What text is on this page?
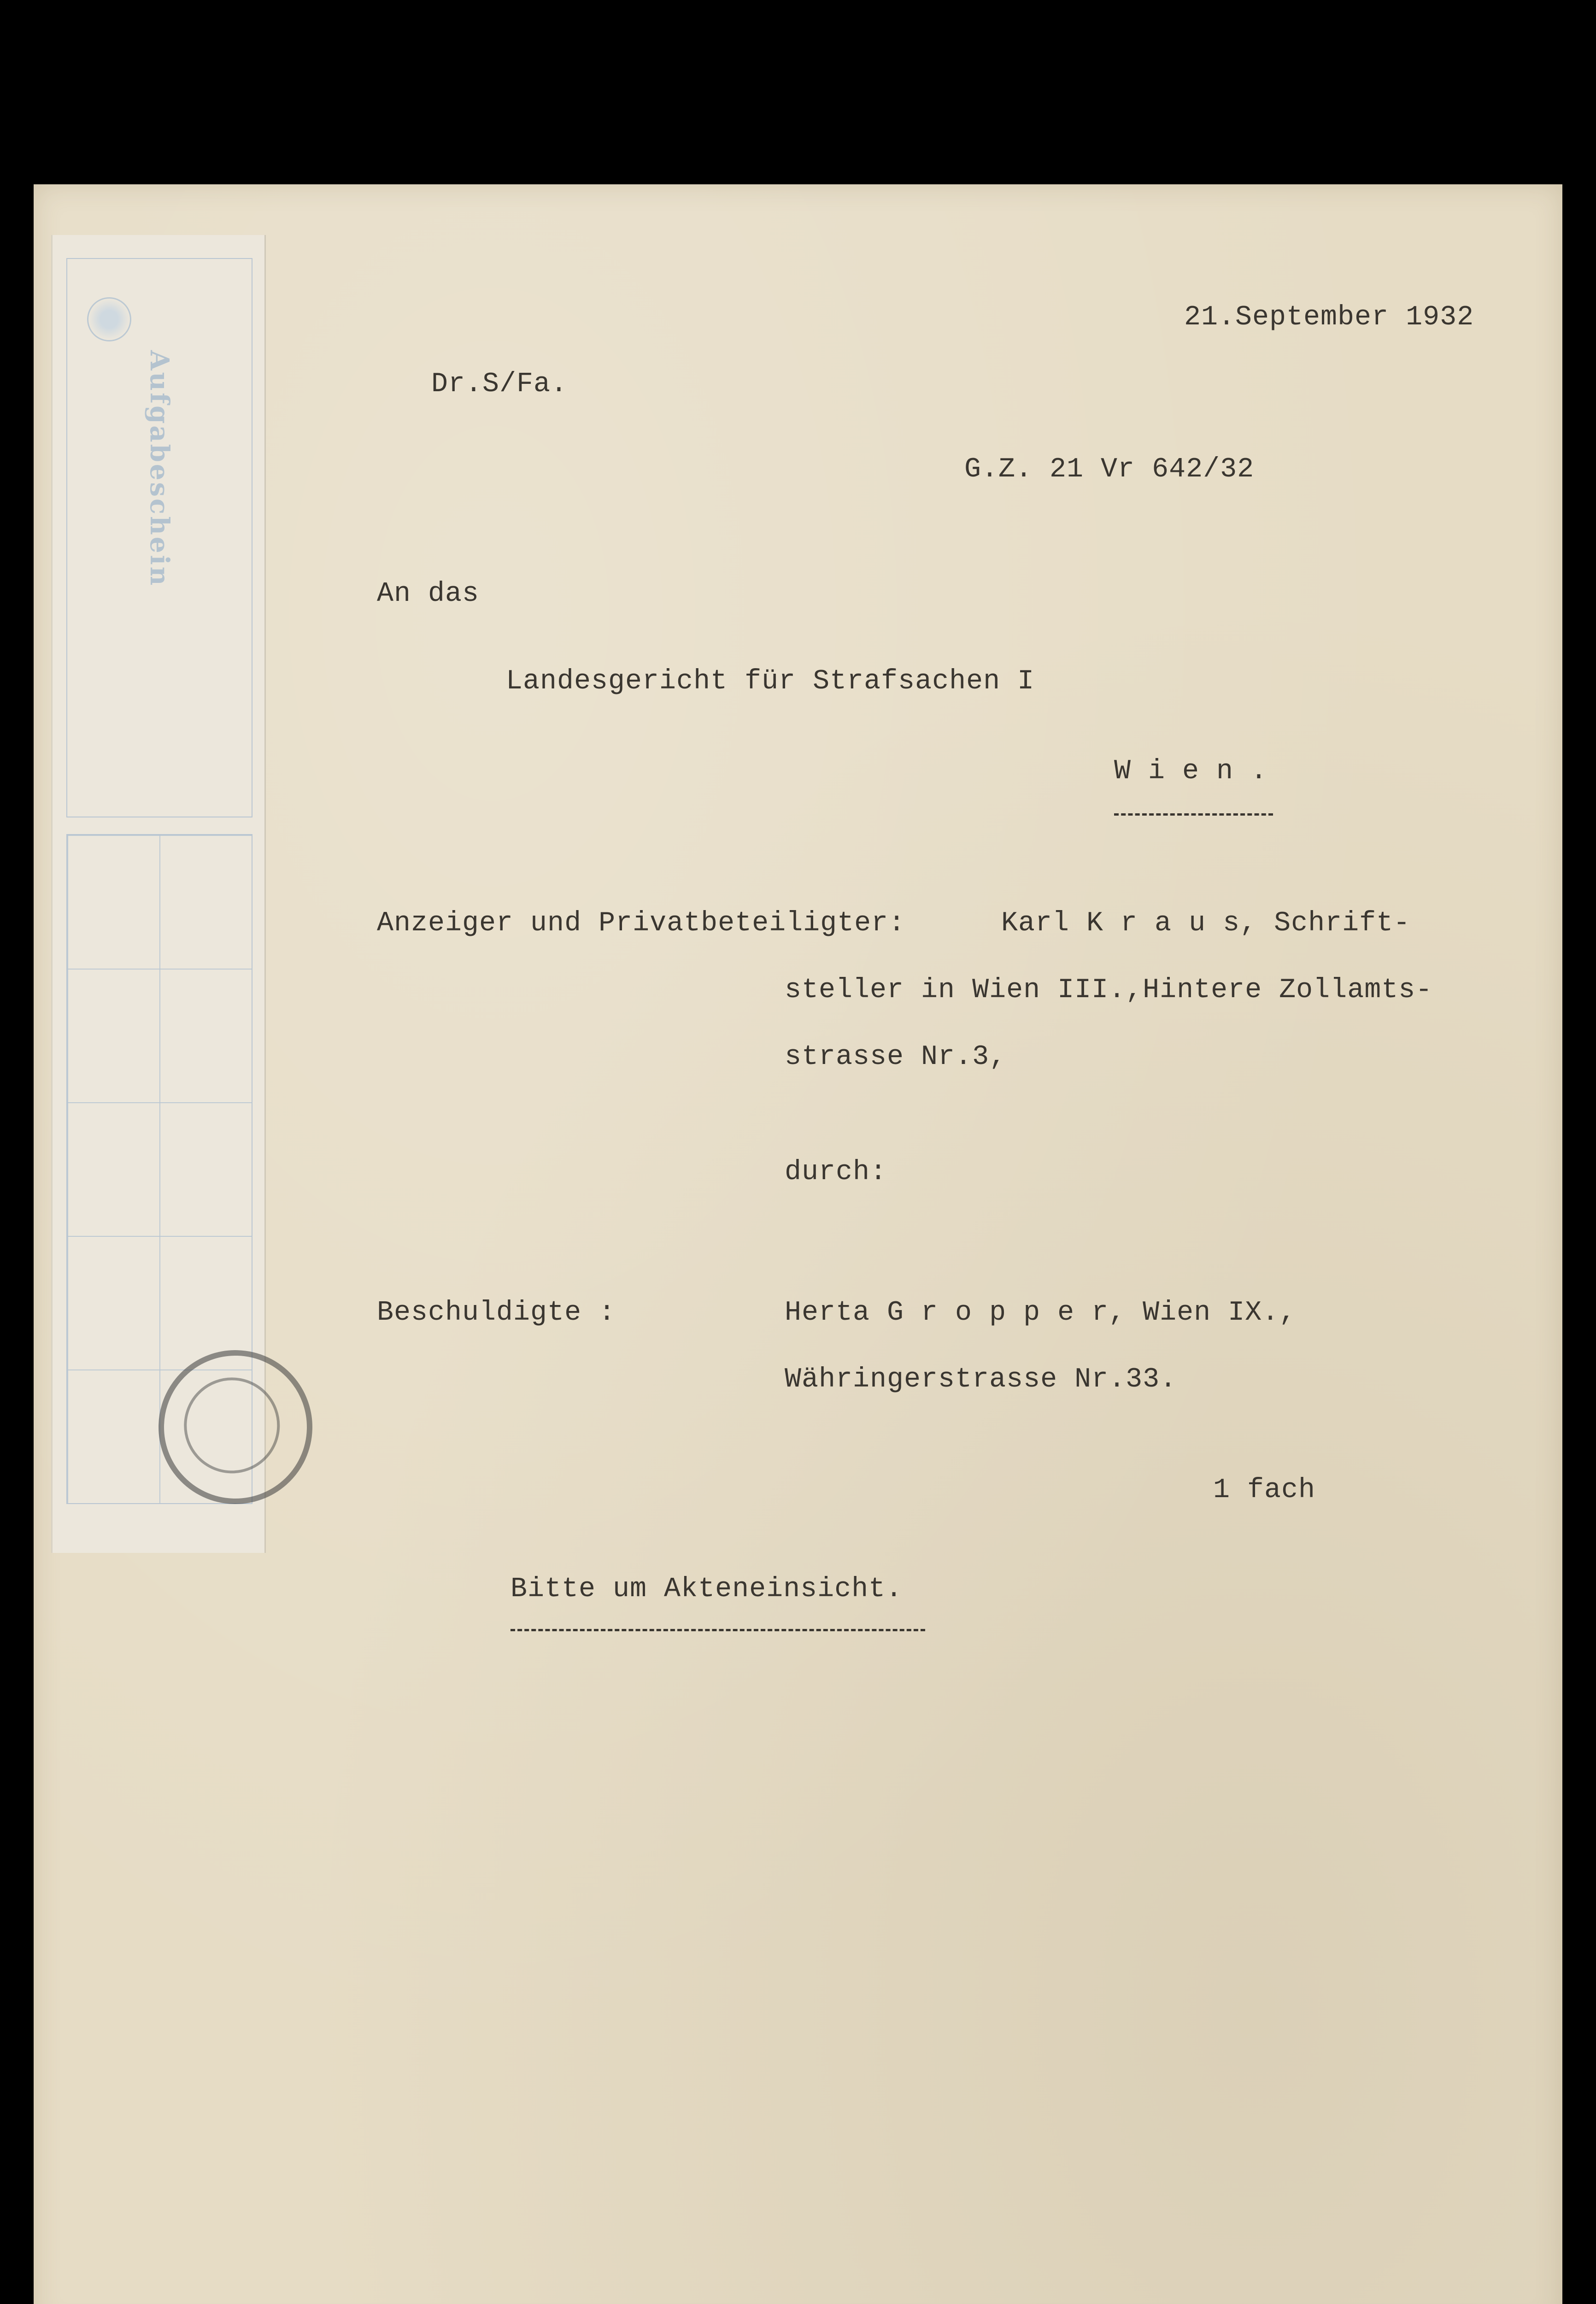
Aufgabeschein
21.September 1932
Dr.S/Fa.
G.Z. 21 Vr 642/32
An das
Landesgericht für Strafsachen I
W i e n .
Anzeiger und Privatbeteiligter:	Karl K r a u s, Schrift-
steller in Wien III.,Hintere Zollamts-
strasse Nr.3,
durch:
Beschuldigte :	Herta G r o p p e r, Wien IX.,
Währingerstrasse Nr.33.
1 fach
Bitte um Akteneinsicht.
